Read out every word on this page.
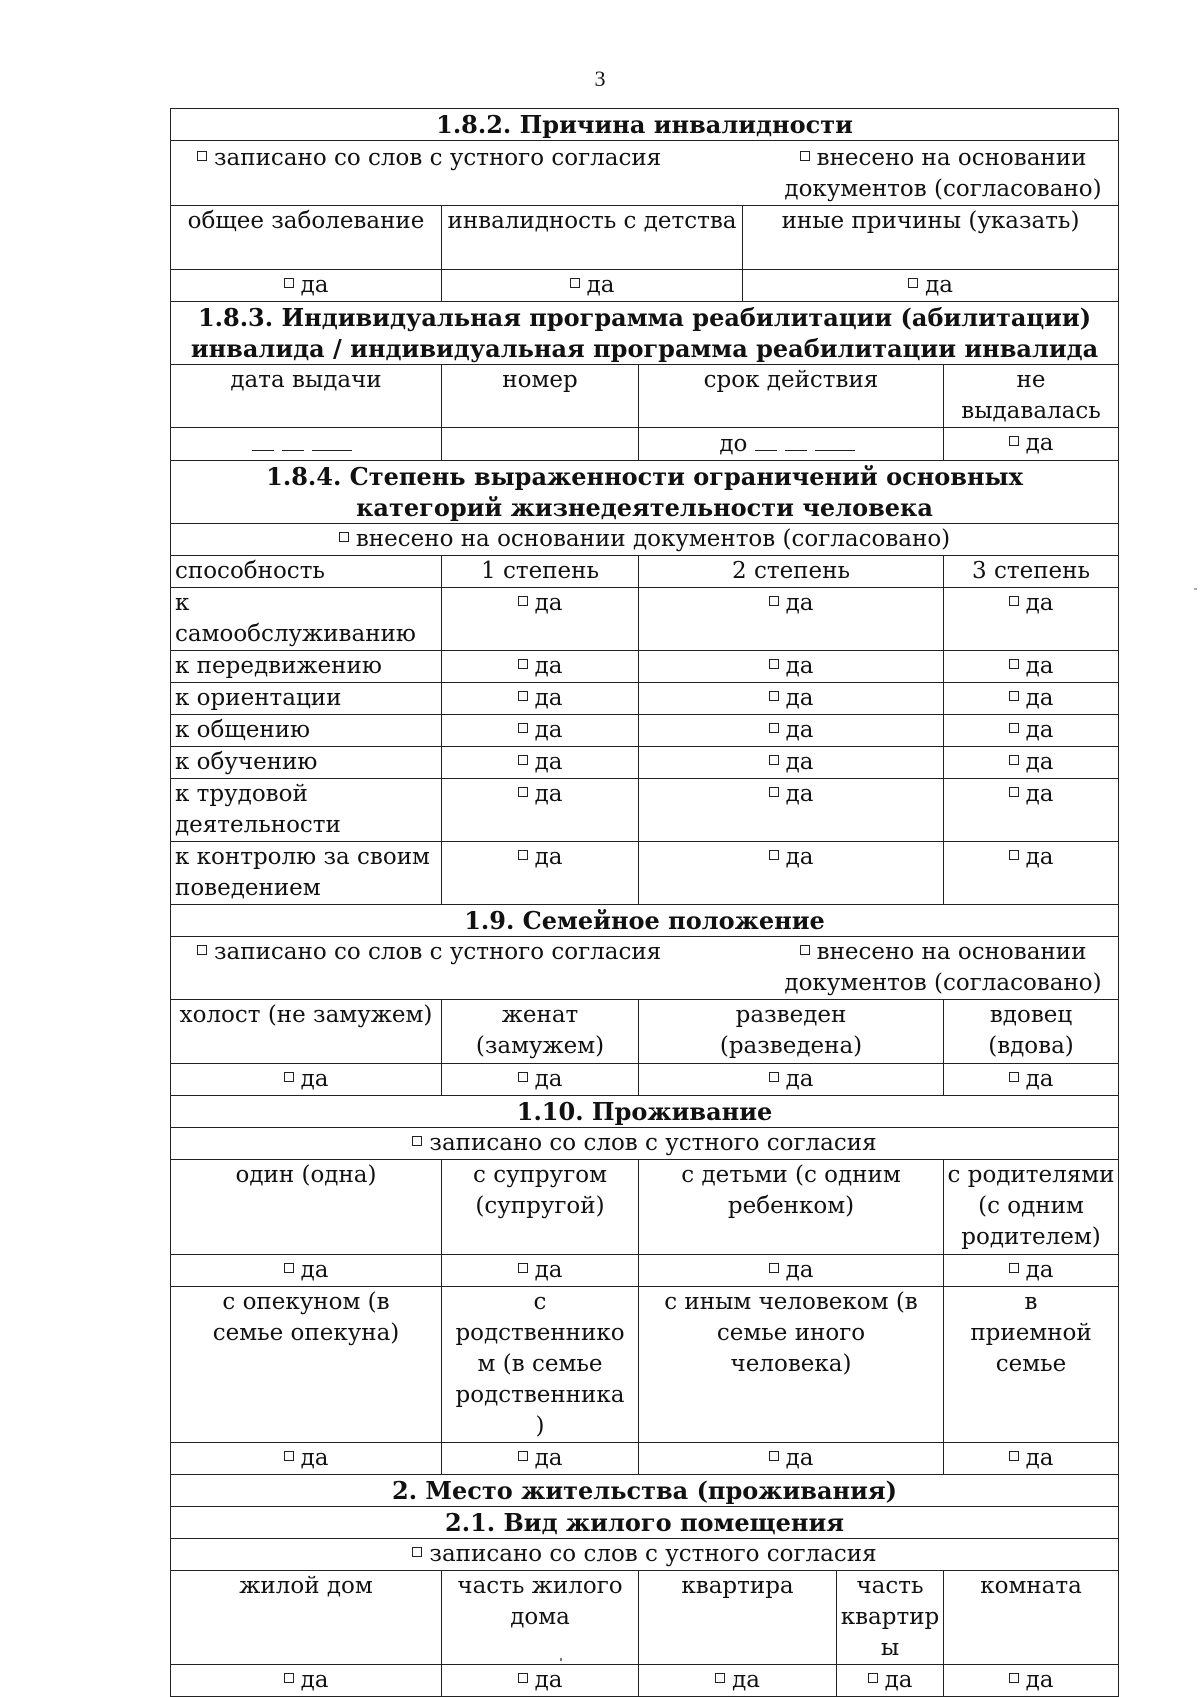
3
1.8.2. Причина инвалидности					

записано со слов с устного согласия внесено на основании документов (согласовано)					

общее заболевание	инвалидность с детства		иные причины (указать)		
да	да		да		
1.8.3. Индивидуальная программа реабилитации (абилитации) инвалида / индивидуальная программа реабилитации инвалида					
дата выдачи	номер	срок действия			не выдавалась
		до			да
1.8.4. Степень выраженности ограничений основных категорий жизнедеятельности человека					
внесено на основании документов (согласовано)					
способность	1 степень	2 степень			3 степень
к самообслуживанию	да	да			да
к передвижению	да	да			да
к ориентации	да	да			да
к общению	да	да			да
к обучению	да	да			да
к трудовой деятельности	да	да			да
к контролю за своим поведением	да	да			да
1.9. Семейное положение					

записано со слов с устного согласия внесено на основании документов (согласовано)					

холост (не замужем)	женат (замужем)	разведен (разведена)			вдовец (вдова)
да	да	да			да
1.10. Проживание					
записано со слов с устного согласия					
один (одна)	с супругом (супругой)	с детьми (с одним ребенком)			с родителями (с одним родителем)
да	да	да			да
с опекуном (в семье опекуна)	с родственником (в семье родственника)	с иным человеком (в семье иного человека)			в приемной семье
да	да	да			да
2. Место жительства (проживания)					
2.1. Вид жилого помещения					
записано со слов с устного согласия					
жилой дом	часть жилого дома	квартира		часть квартиры	комната
да	да	да		да	да
